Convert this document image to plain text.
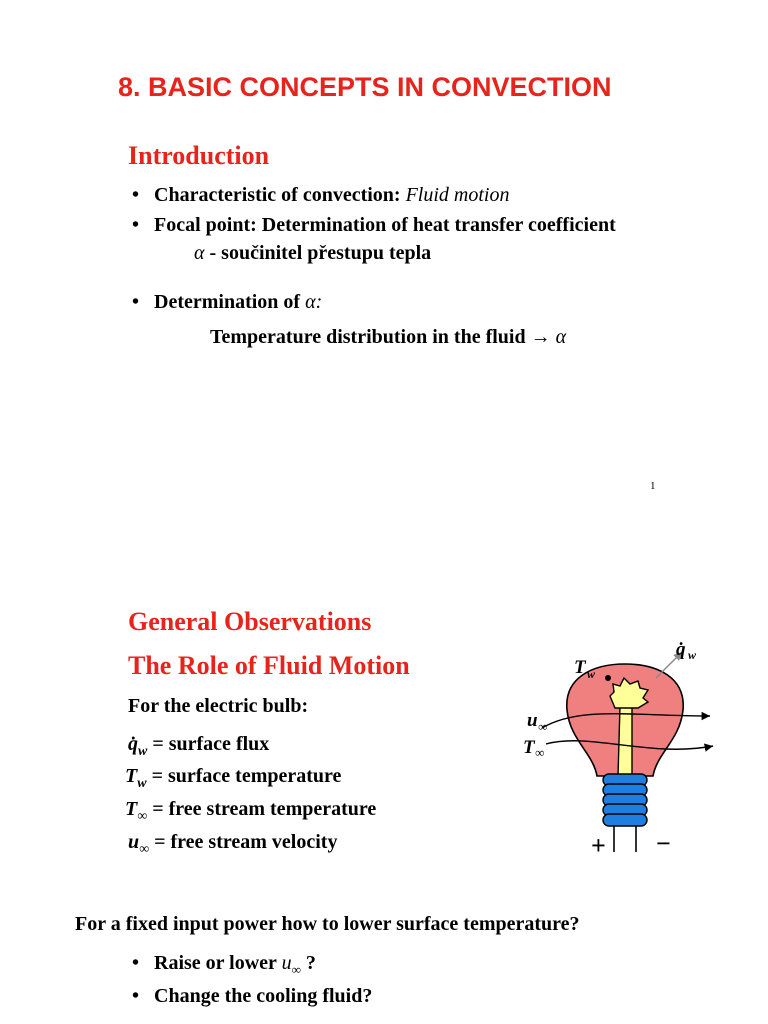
8. BASIC CONCEPTS IN CONVECTION
Introduction
• Characteristic of convection: Fluid motion
• Focal point: Determination of heat transfer coefficient
α - součinitel přestupu tepla
• Determination of α:
Temperature distribution in the fluid → α
1
General Observations
The Role of Fluid Motion
For the electric bulb:
$q̇_w$ = surface flux
$T_w$ = surface temperature
$T_\infty$ = free stream temperature
$u_\infty$ = free stream velocity
q̇ w
T w
u ∞
T ∞
+ −
For a fixed input power how to lower surface temperature?
• Raise or lower $u_\infty$ ?
• Change the cooling fluid?
